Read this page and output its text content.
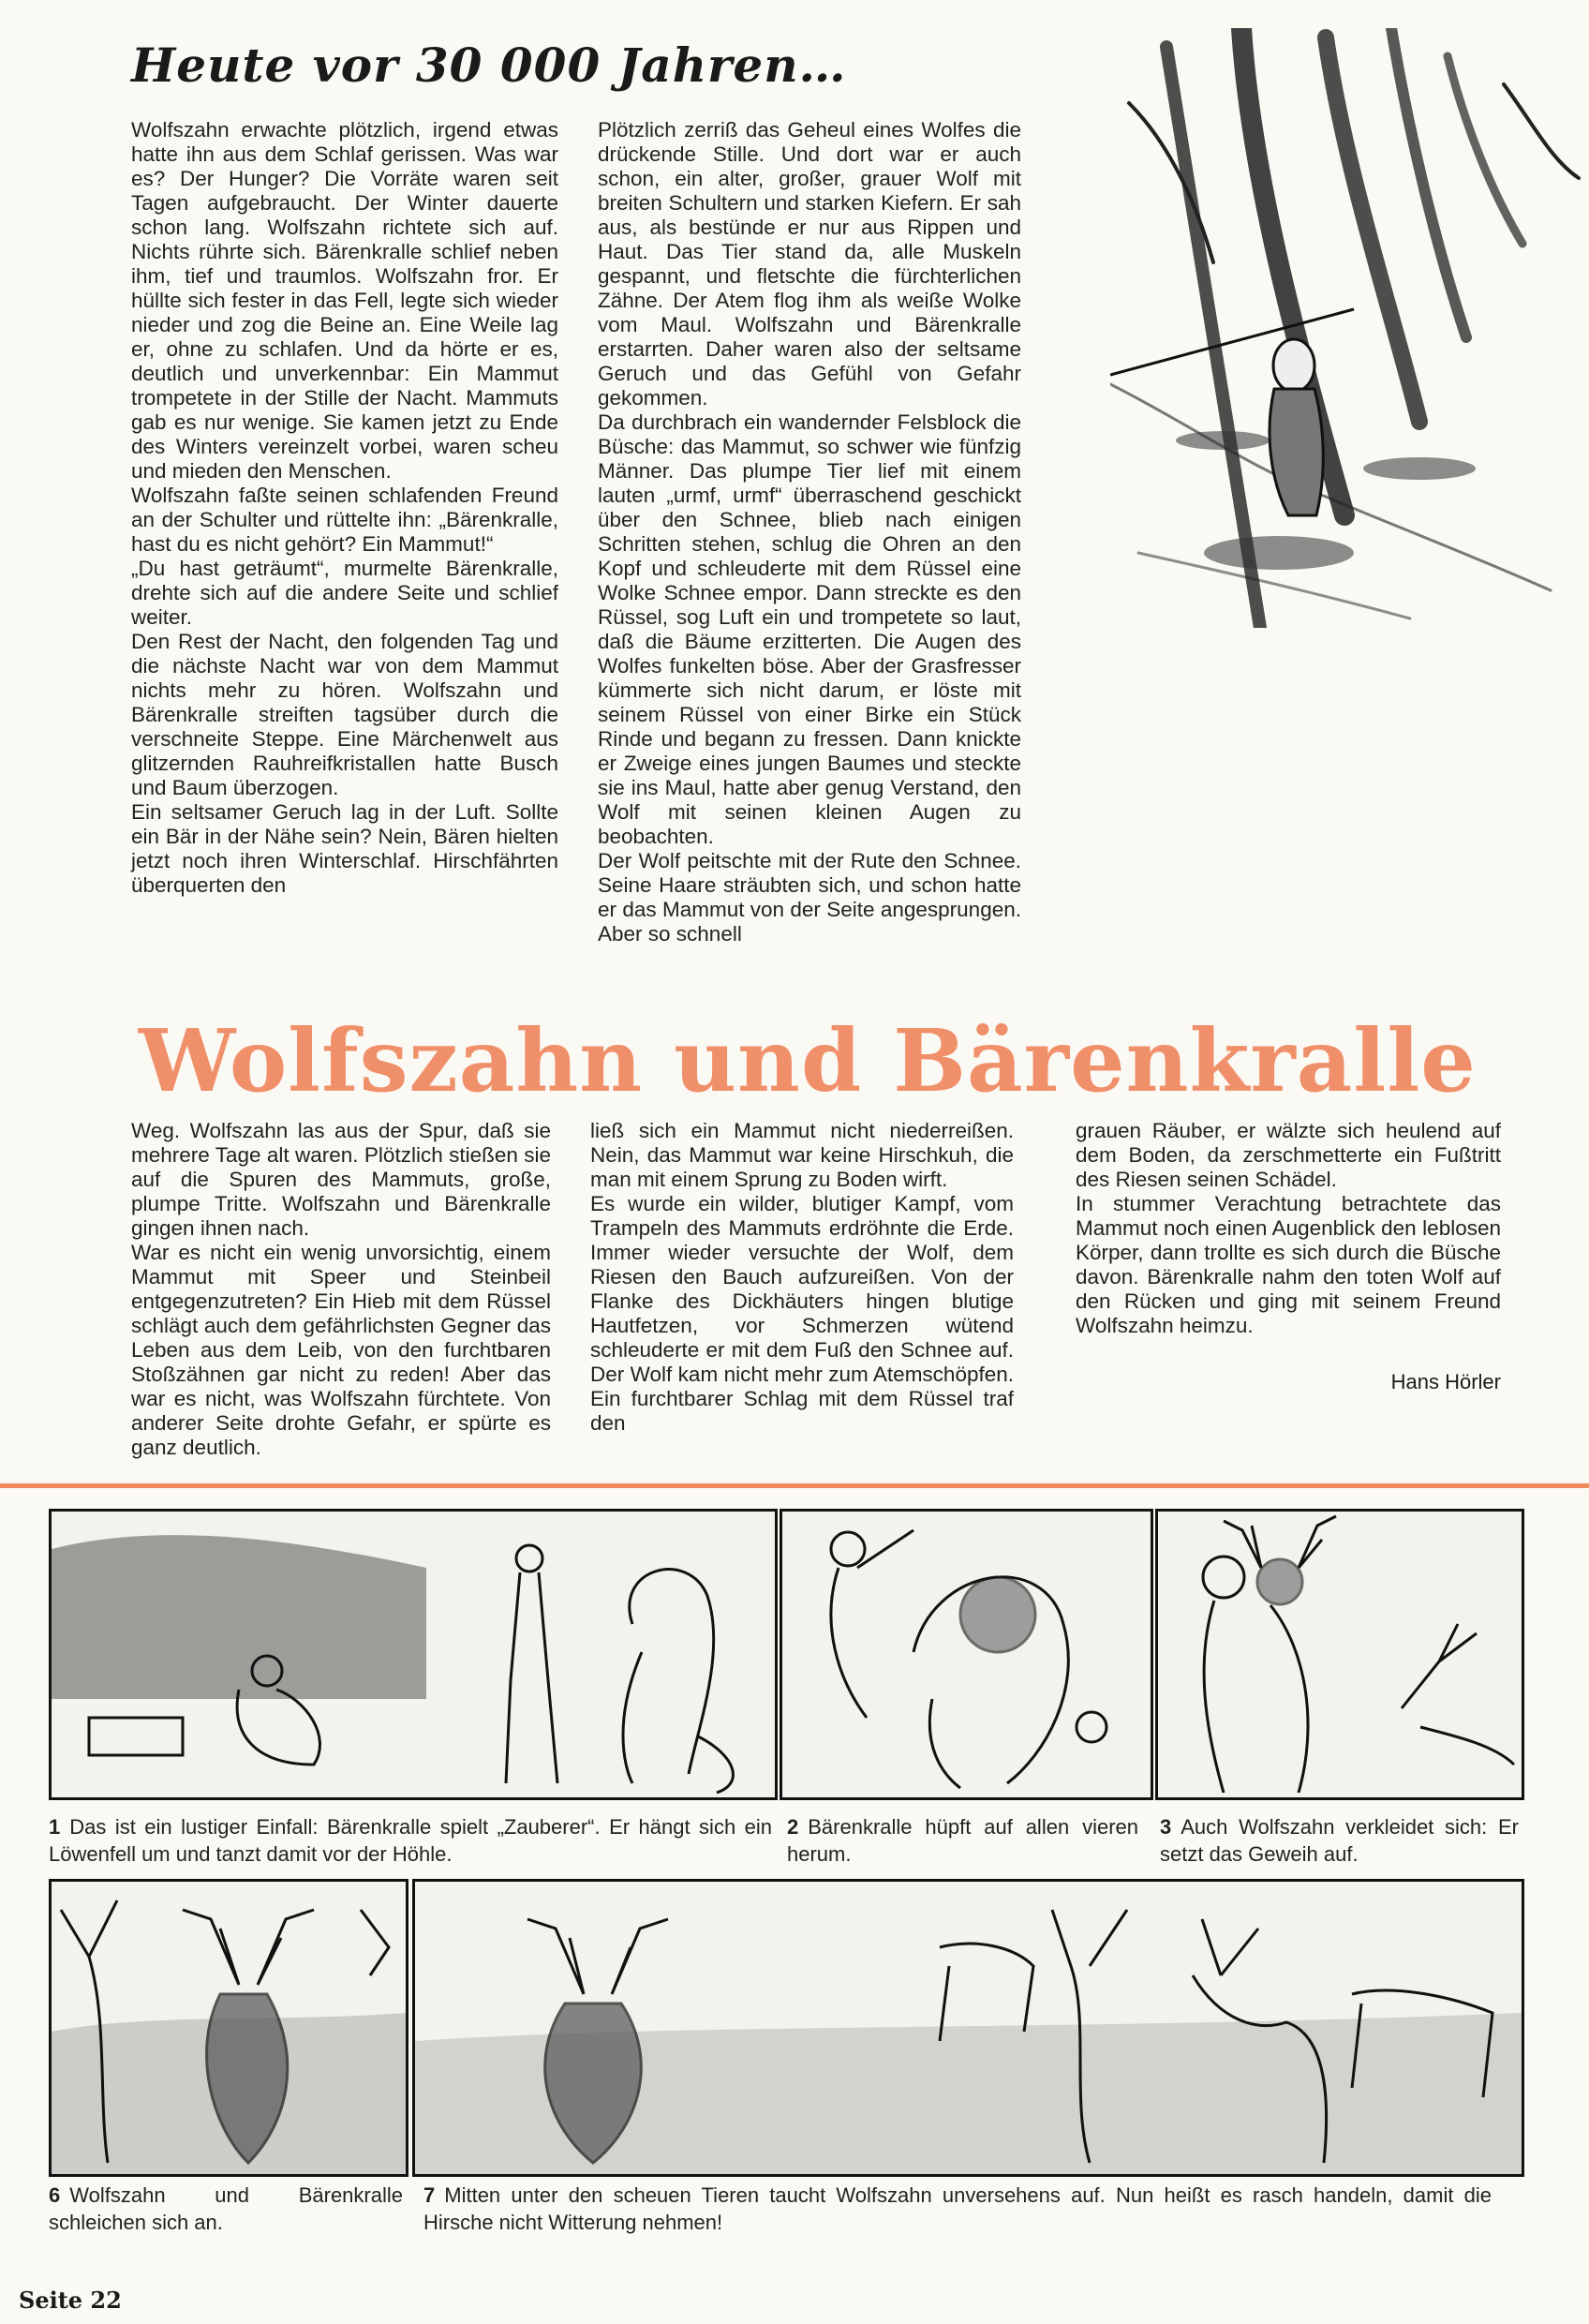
Heute vor 30 000 Jahren…
Wolfszahn erwachte plötzlich, irgend etwas hatte ihn aus dem Schlaf gerissen. Was war es? Der Hunger? Die Vorräte waren seit Tagen aufgebraucht. Der Winter dauerte schon lang. Wolfszahn richtete sich auf. Nichts rührte sich. Bärenkralle schlief neben ihm, tief und traumlos. Wolfszahn fror. Er hüllte sich fester in das Fell, legte sich wieder nieder und zog die Beine an. Eine Weile lag er, ohne zu schlafen. Und da hörte er es, deutlich und unverkennbar: Ein Mammut trompetete in der Stille der Nacht. Mammuts gab es nur wenige. Sie kamen jetzt zu Ende des Winters vereinzelt vorbei, waren scheu und mieden den Menschen.
Wolfszahn faßte seinen schlafenden Freund an der Schulter und rüttelte ihn: „Bärenkralle, hast du es nicht gehört? Ein Mammut!“
„Du hast geträumt“, murmelte Bärenkralle, drehte sich auf die andere Seite und schlief weiter.
Den Rest der Nacht, den folgenden Tag und die nächste Nacht war von dem Mammut nichts mehr zu hören. Wolfszahn und Bärenkralle streiften tagsüber durch die verschneite Steppe. Eine Märchenwelt aus glitzernden Rauhreifkristallen hatte Busch und Baum überzogen.
Ein seltsamer Geruch lag in der Luft. Sollte ein Bär in der Nähe sein? Nein, Bären hielten jetzt noch ihren Winterschlaf. Hirschfährten überquerten den
Plötzlich zerriß das Geheul eines Wolfes die drückende Stille. Und dort war er auch schon, ein alter, großer, grauer Wolf mit breiten Schultern und starken Kiefern. Er sah aus, als bestünde er nur aus Rippen und Haut. Das Tier stand da, alle Muskeln gespannt, und fletschte die fürchterlichen Zähne. Der Atem flog ihm als weiße Wolke vom Maul. Wolfszahn und Bärenkralle erstarrten. Daher waren also der seltsame Geruch und das Gefühl von Gefahr gekommen.
Da durchbrach ein wandernder Felsblock die Büsche: das Mammut, so schwer wie fünfzig Männer. Das plumpe Tier lief mit einem lauten „urmf, urmf“ überraschend geschickt über den Schnee, blieb nach einigen Schritten stehen, schlug die Ohren an den Kopf und schleuderte mit dem Rüssel eine Wolke Schnee empor. Dann streckte es den Rüssel, sog Luft ein und trompetete so laut, daß die Bäume erzitterten. Die Augen des Wolfes funkelten böse. Aber der Grasfresser kümmerte sich nicht darum, er löste mit seinem Rüssel von einer Birke ein Stück Rinde und begann zu fressen. Dann knickte er Zweige eines jungen Baumes und steckte sie ins Maul, hatte aber genug Verstand, den Wolf mit seinen kleinen Augen zu beobachten.
Der Wolf peitschte mit der Rute den Schnee. Seine Haare sträubten sich, und schon hatte er das Mammut von der Seite angesprungen. Aber so schnell
Wolfszahn und Bärenkralle
Weg. Wolfszahn las aus der Spur, daß sie mehrere Tage alt waren. Plötzlich stießen sie auf die Spuren des Mammuts, große, plumpe Tritte. Wolfszahn und Bärenkralle gingen ihnen nach.
War es nicht ein wenig unvorsichtig, einem Mammut mit Speer und Steinbeil entgegenzutreten? Ein Hieb mit dem Rüssel schlägt auch dem gefährlichsten Gegner das Leben aus dem Leib, von den furchtbaren Stoßzähnen gar nicht zu reden! Aber das war es nicht, was Wolfszahn fürchtete. Von anderer Seite drohte Gefahr, er spürte es ganz deutlich.
ließ sich ein Mammut nicht niederreißen. Nein, das Mammut war keine Hirschkuh, die man mit einem Sprung zu Boden wirft.
Es wurde ein wilder, blutiger Kampf, vom Trampeln des Mammuts erdröhnte die Erde. Immer wieder versuchte der Wolf, dem Riesen den Bauch aufzureißen. Von der Flanke des Dickhäuters hingen blutige Hautfetzen, vor Schmerzen wütend schleuderte er mit dem Fuß den Schnee auf. Der Wolf kam nicht mehr zum Atemschöpfen. Ein furchtbarer Schlag mit dem Rüssel traf den
grauen Räuber, er wälzte sich heulend auf dem Boden, da zerschmetterte ein Fußtritt des Riesen seinen Schädel.
In stummer Verachtung betrachtete das Mammut noch einen Augenblick den leblosen Körper, dann trollte es sich durch die Büsche davon. Bärenkralle nahm den toten Wolf auf den Rücken und ging mit seinem Freund Wolfszahn heimzu.
Hans Hörler
1 Das ist ein lustiger Einfall: Bärenkralle spielt „Zauberer“. Er hängt sich ein Löwenfell um und tanzt damit vor der Höhle.
2 Bärenkralle hüpft auf allen vieren herum.
3 Auch Wolfszahn verkleidet sich: Er setzt das Geweih auf.
6 Wolfszahn und Bärenkralle schleichen sich an.
7 Mitten unter den scheuen Tieren taucht Wolfszahn unversehens auf. Nun heißt es rasch handeln, damit die Hirsche nicht Witterung nehmen!
Seite 22
